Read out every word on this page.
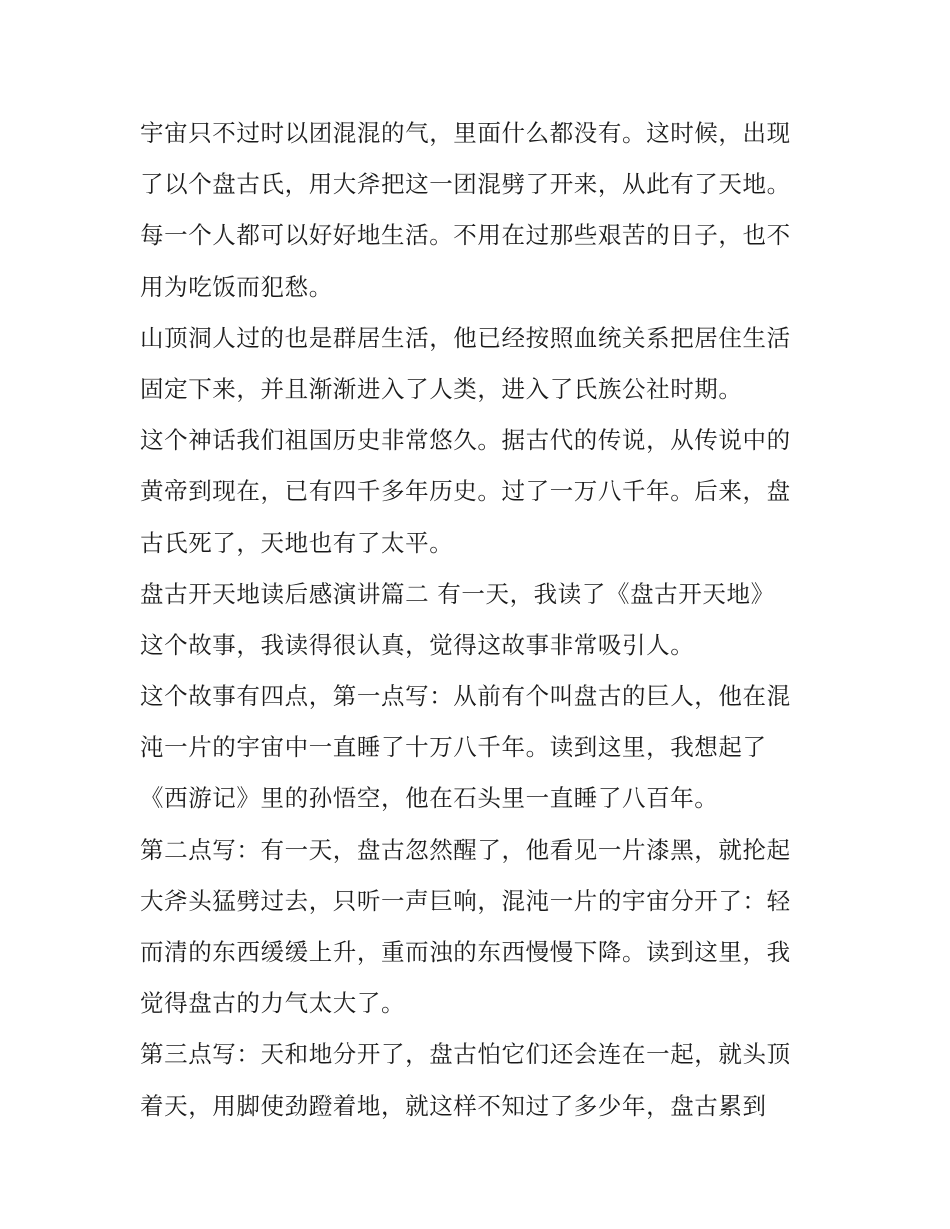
宇宙只不过时以团混混的气，里面什么都没有。这时候，出现
了以个盘古氏，用大斧把这一团混劈了开来，从此有了天地。
每一个人都可以好好地生活。不用在过那些艰苦的日子，也不
用为吃饭而犯愁。
山顶洞人过的也是群居生活，他已经按照血统关系把居住生活
固定下来，并且渐渐进入了人类，进入了氏族公社时期。
这个神话我们祖国历史非常悠久。据古代的传说，从传说中的
黄帝到现在，已有四千多年历史。过了一万八千年。后来，盘
古氏死了，天地也有了太平。
盘古开天地读后感演讲篇二 有一天，我读了《盘古开天地》
这个故事，我读得很认真，觉得这故事非常吸引人。
这个故事有四点，第一点写：从前有个叫盘古的巨人，他在混
沌一片的宇宙中一直睡了十万八千年。读到这里，我想起了
《西游记》里的孙悟空，他在石头里一直睡了八百年。
第二点写：有一天，盘古忽然醒了，他看见一片漆黑，就抡起
大斧头猛劈过去，只听一声巨响，混沌一片的宇宙分开了：轻
而清的东西缓缓上升，重而浊的东西慢慢下降。读到这里，我
觉得盘古的力气太大了。
第三点写：天和地分开了，盘古怕它们还会连在一起，就头顶
着天，用脚使劲蹬着地，就这样不知过了多少年，盘古累到
